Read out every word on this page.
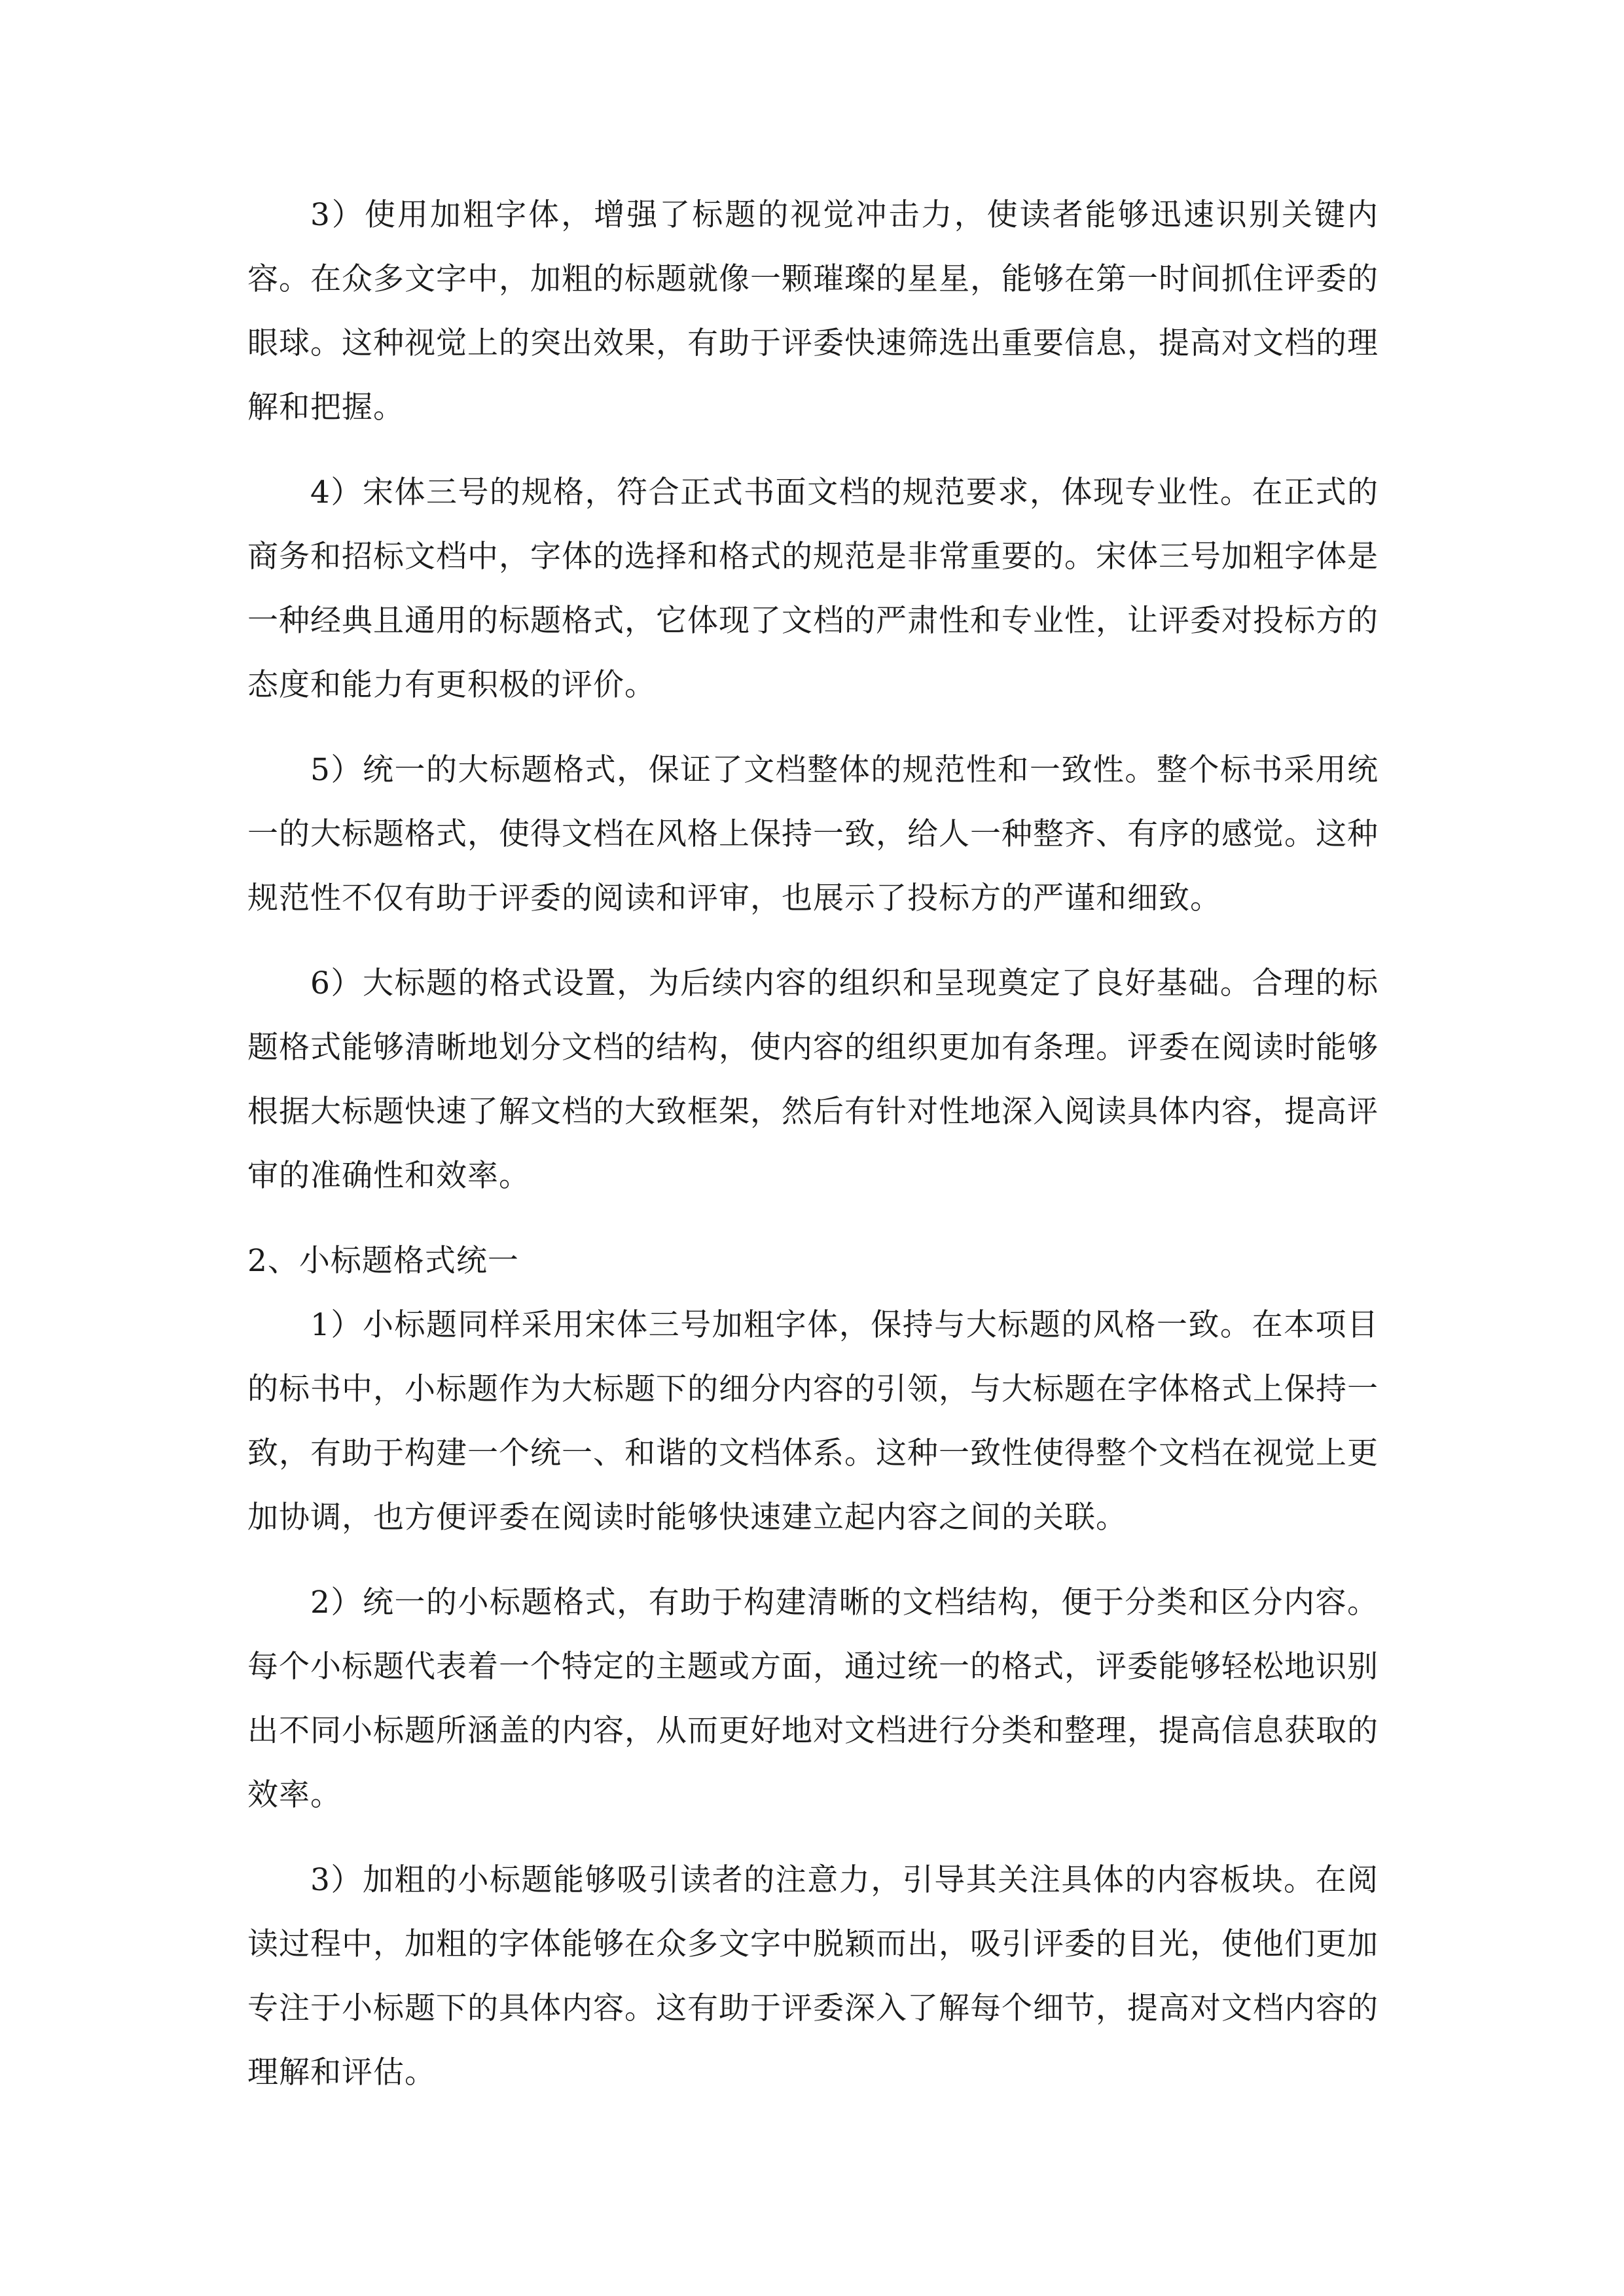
3）使用加粗字体，增强了标题的视觉冲击力，使读者能够迅速识别关键内容。在众多文字中，加粗的标题就像一颗璀璨的星星，能够在第一时间抓住评委的眼球。这种视觉上的突出效果，有助于评委快速筛选出重要信息，提高对文档的理解和把握。

4）宋体三号的规格，符合正式书面文档的规范要求，体现专业性。在正式的商务和招标文档中，字体的选择和格式的规范是非常重要的。宋体三号加粗字体是一种经典且通用的标题格式，它体现了文档的严肃性和专业性，让评委对投标方的态度和能力有更积极的评价。

5）统一的大标题格式，保证了文档整体的规范性和一致性。整个标书采用统一的大标题格式，使得文档在风格上保持一致，给人一种整齐、有序的感觉。这种规范性不仅有助于评委的阅读和评审，也展示了投标方的严谨和细致。

6）大标题的格式设置，为后续内容的组织和呈现奠定了良好基础。合理的标题格式能够清晰地划分文档的结构，使内容的组织更加有条理。评委在阅读时能够根据大标题快速了解文档的大致框架，然后有针对性地深入阅读具体内容，提高评审的准确性和效率。

2、小标题格式统一

1）小标题同样采用宋体三号加粗字体，保持与大标题的风格一致。在本项目的标书中，小标题作为大标题下的细分内容的引领，与大标题在字体格式上保持一致，有助于构建一个统一、和谐的文档体系。这种一致性使得整个文档在视觉上更加协调，也方便评委在阅读时能够快速建立起内容之间的关联。

2）统一的小标题格式，有助于构建清晰的文档结构，便于分类和区分内容。每个小标题代表着一个特定的主题或方面，通过统一的格式，评委能够轻松地识别出不同小标题所涵盖的内容，从而更好地对文档进行分类和整理，提高信息获取的效率。

3）加粗的小标题能够吸引读者的注意力，引导其关注具体的内容板块。在阅读过程中，加粗的字体能够在众多文字中脱颖而出，吸引评委的目光，使他们更加专注于小标题下的具体内容。这有助于评委深入了解每个细节，提高对文档内容的理解和评估。
